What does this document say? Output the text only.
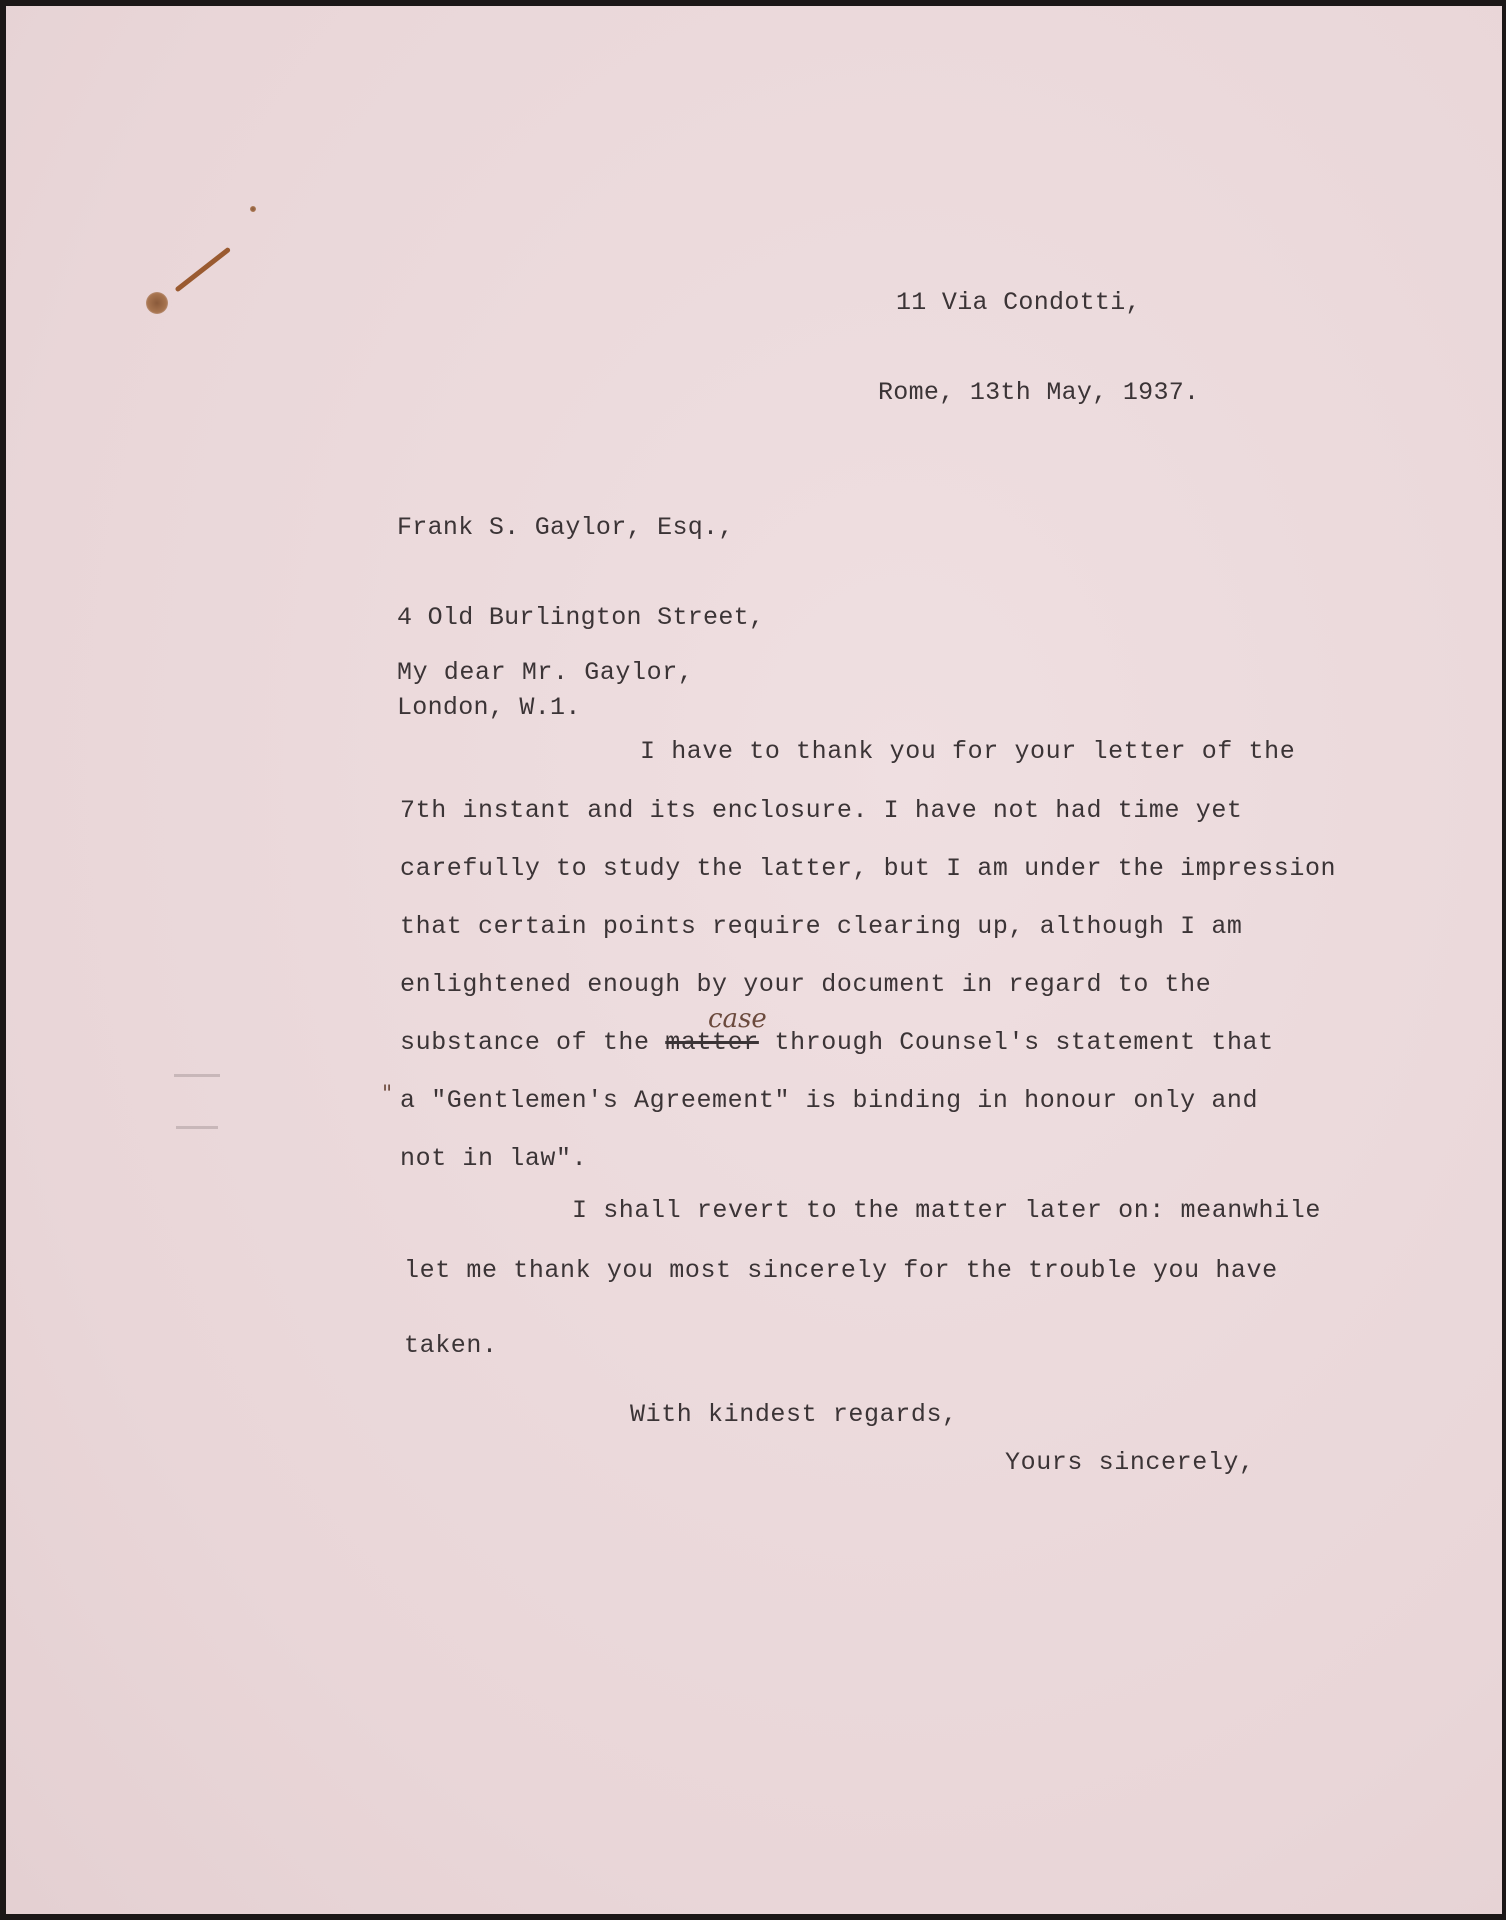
11 Via Condotti,

Rome, 13th May, 1937.

Frank S. Gaylor, Esq.,

4 Old Burlington Street,

London, W.1.

My dear Mr. Gaylor,
I have to thank you for your letter of the
7th instant and its enclosure. I have not had time yet
carefully to study the latter, but I am under the impression
that certain points require clearing up, although I am
enlightened enough by your document in regard to the
substance of the matter through Counsel's statement that
case
" a "Gentlemen's Agreement" is binding in honour only and
not in law".
I shall revert to the matter later on: meanwhile
let me thank you most sincerely for the trouble you have
taken.
With kindest regards,
Yours sincerely,
